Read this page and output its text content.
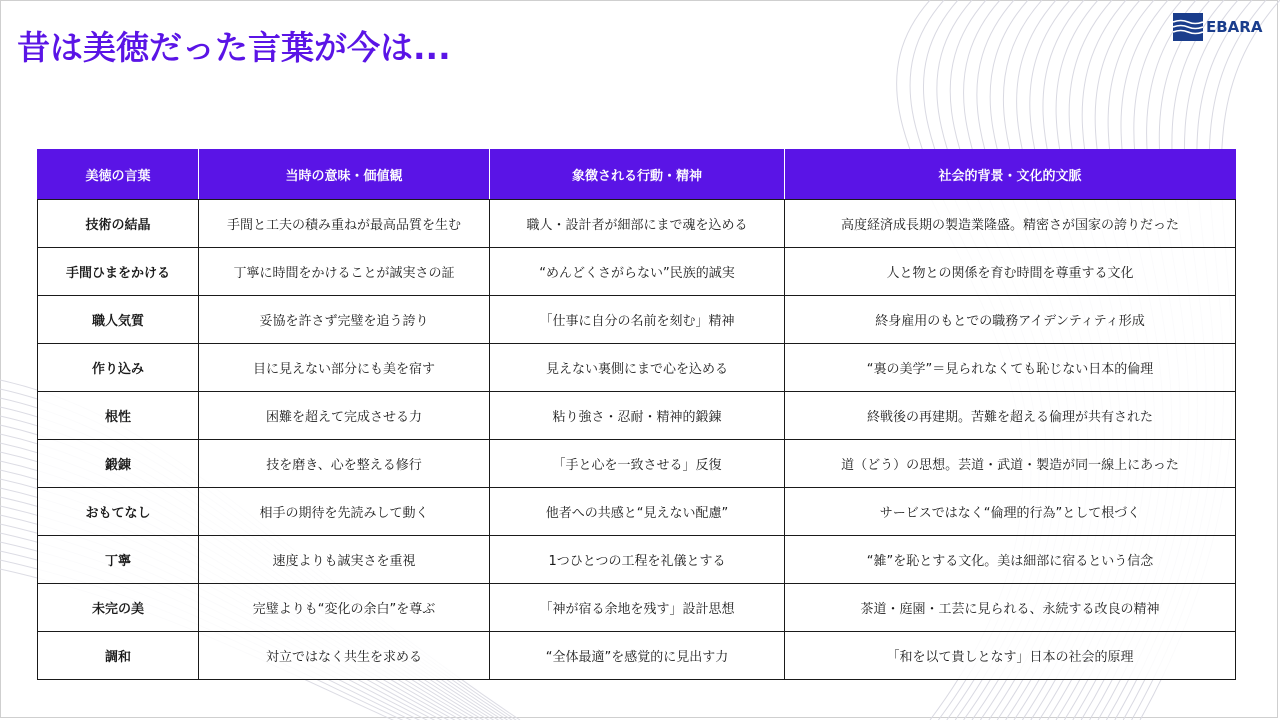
昔は美徳だった言葉が今は...
EBARA
美徳の言葉	当時の意味・価値観	象徴される行動・精神	社会的背景・文化的文脈
技術の結晶	手間と工夫の積み重ねが最高品質を生む	職人・設計者が細部にまで魂を込める	高度経済成長期の製造業隆盛。精密さが国家の誇りだった
手間ひまをかける	丁寧に時間をかけることが誠実さの証	“めんどくさがらない”民族的誠実	人と物との関係を育む時間を尊重する文化
職人気質	妥協を許さず完璧を追う誇り	「仕事に自分の名前を刻む」精神	終身雇用のもとでの職務アイデンティティ形成
作り込み	目に見えない部分にも美を宿す	見えない裏側にまで心を込める	“裏の美学”＝見られなくても恥じない日本的倫理
根性	困難を超えて完成させる力	粘り強さ・忍耐・精神的鍛錬	終戦後の再建期。苦難を超える倫理が共有された
鍛錬	技を磨き、心を整える修行	「手と心を一致させる」反復	道（どう）の思想。芸道・武道・製造が同一線上にあった
おもてなし	相手の期待を先読みして動く	他者への共感と“見えない配慮”	サービスではなく“倫理的行為”として根づく
丁寧	速度よりも誠実さを重視	1つひとつの工程を礼儀とする	“雑”を恥とする文化。美は細部に宿るという信念
未完の美	完璧よりも“変化の余白”を尊ぶ	「神が宿る余地を残す」設計思想	茶道・庭園・工芸に見られる、永続する改良の精神
調和	対立ではなく共生を求める	“全体最適”を感覚的に見出す力	「和を以て貴しとなす」日本の社会的原理
